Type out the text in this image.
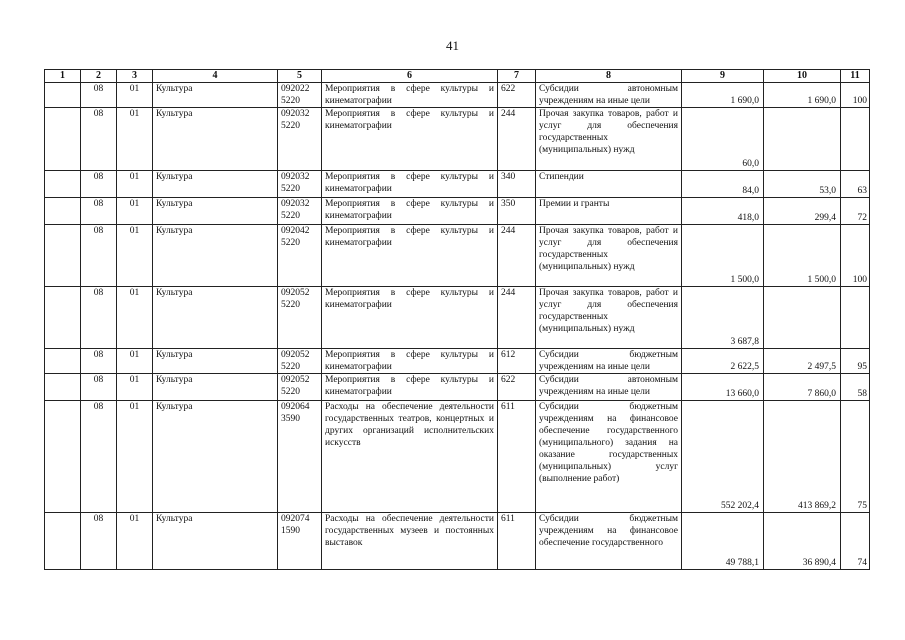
41
1	2	3	4	5	6	7	8	9	10	11
	08	01	Культура	092022 5220	Мероприятия в сфере культуры и кинематографии	622	Субсидии автономным учреждениям на иные цели	1 690,0	1 690,0	100
	08	01	Культура	092032 5220	Мероприятия в сфере культуры и кинематографии	244	Прочая закупка товаров, работ и услуг для обеспечения государственных (муниципальных) нужд	60,0		
	08	01	Культура	092032 5220	Мероприятия в сфере культуры и кинематографии	340	Стипендии	84,0	53,0	63
	08	01	Культура	092032 5220	Мероприятия в сфере культуры и кинематографии	350	Премии и гранты	418,0	299,4	72
	08	01	Культура	092042 5220	Мероприятия в сфере культуры и кинематографии	244	Прочая закупка товаров, работ и услуг для обеспечения государственных (муниципальных) нужд	1 500,0	1 500,0	100
	08	01	Культура	092052 5220	Мероприятия в сфере культуры и кинематографии	244	Прочая закупка товаров, работ и услуг для обеспечения государственных (муниципальных) нужд	3 687,8		
	08	01	Культура	092052 5220	Мероприятия в сфере культуры и кинематографии	612	Субсидии бюджетным учреждениям на иные цели	2 622,5	2 497,5	95
	08	01	Культура	092052 5220	Мероприятия в сфере культуры и кинематографии	622	Субсидии автономным учреждениям на иные цели	13 660,0	7 860,0	58
	08	01	Культура	092064 3590	Расходы на обеспечение деятельности государственных театров, концертных и других организаций исполнительских искусств	611	Субсидии бюджетным учреждениям на финансовое обеспечение государственного (муниципального) задания на оказание государственных (муниципальных) услуг (выполнение работ)	552 202,4	413 869,2	75
	08	01	Культура	092074 1590	Расходы на обеспечение деятельности государственных музеев и постоянных выставок	611	Субсидии бюджетным учреждениям на финансовое обеспечение государственного	49 788,1	36 890,4	74
